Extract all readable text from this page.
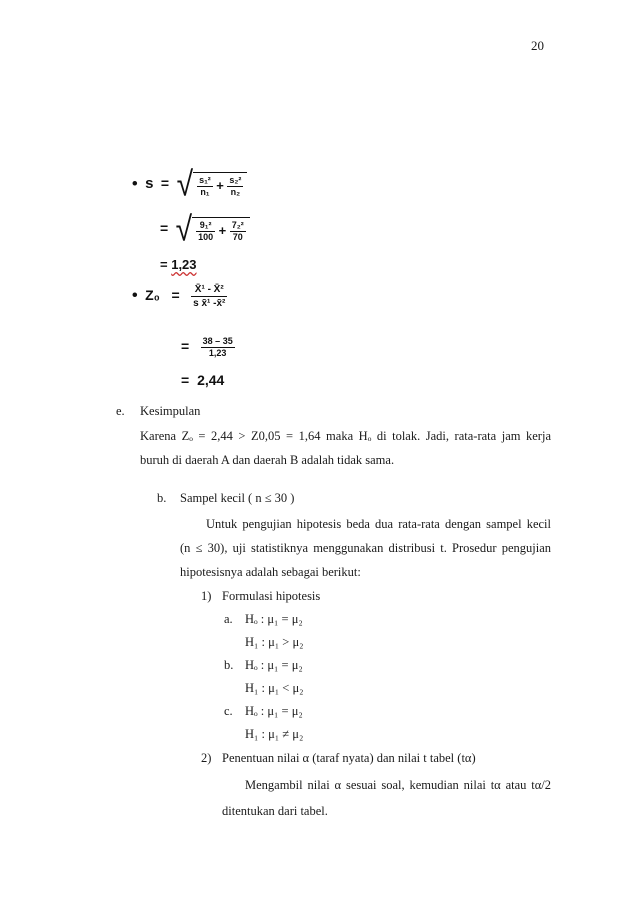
20
• s = √ $\frac{\text{s₁²}}{\text{n₁}} + \frac{\text{s₂²}}{\text{n₂}}$
= √ $\frac{\text{9₁²}}{100} + \frac{\text{7₂²}}{70}$
= 1,23
• $Z_0 = \frac{\text{X̄¹ - X̄²}}{\text{s x̄¹ -x̄²}}$
= $\frac{38 - 35}{1,23}$
= 2,44
e. Kesimpulan
Karena Zₒ = 2,44 > Z0,05 = 1,64 maka Hₒ di tolak. Jadi, rata-rata jam kerja
buruh di daerah A dan daerah B adalah tidak sama.
b. Sampel kecil ( n ≤ 30 )
Untuk pengujian hipotesis beda dua rata-rata dengan sampel kecil
(n ≤ 30), uji statistiknya menggunakan distribusi t. Prosedur pengujian
hipotesisnya adalah sebagai berikut:
1) Formulasi hipotesis
a. Hₒ : μ₁ = μ₂
H₁ : μ₁ > μ₂
b. Hₒ : μ₁ = μ₂
H₁ : μ₁ < μ₂
c. Hₒ : μ₁ = μ₂
H₁ : μ₁ ≠ μ₂
2) Penentuan nilai α (taraf nyata) dan nilai t tabel (tα)
Mengambil nilai α sesuai soal, kemudian nilai tα atau tα/2
ditentukan dari tabel.
